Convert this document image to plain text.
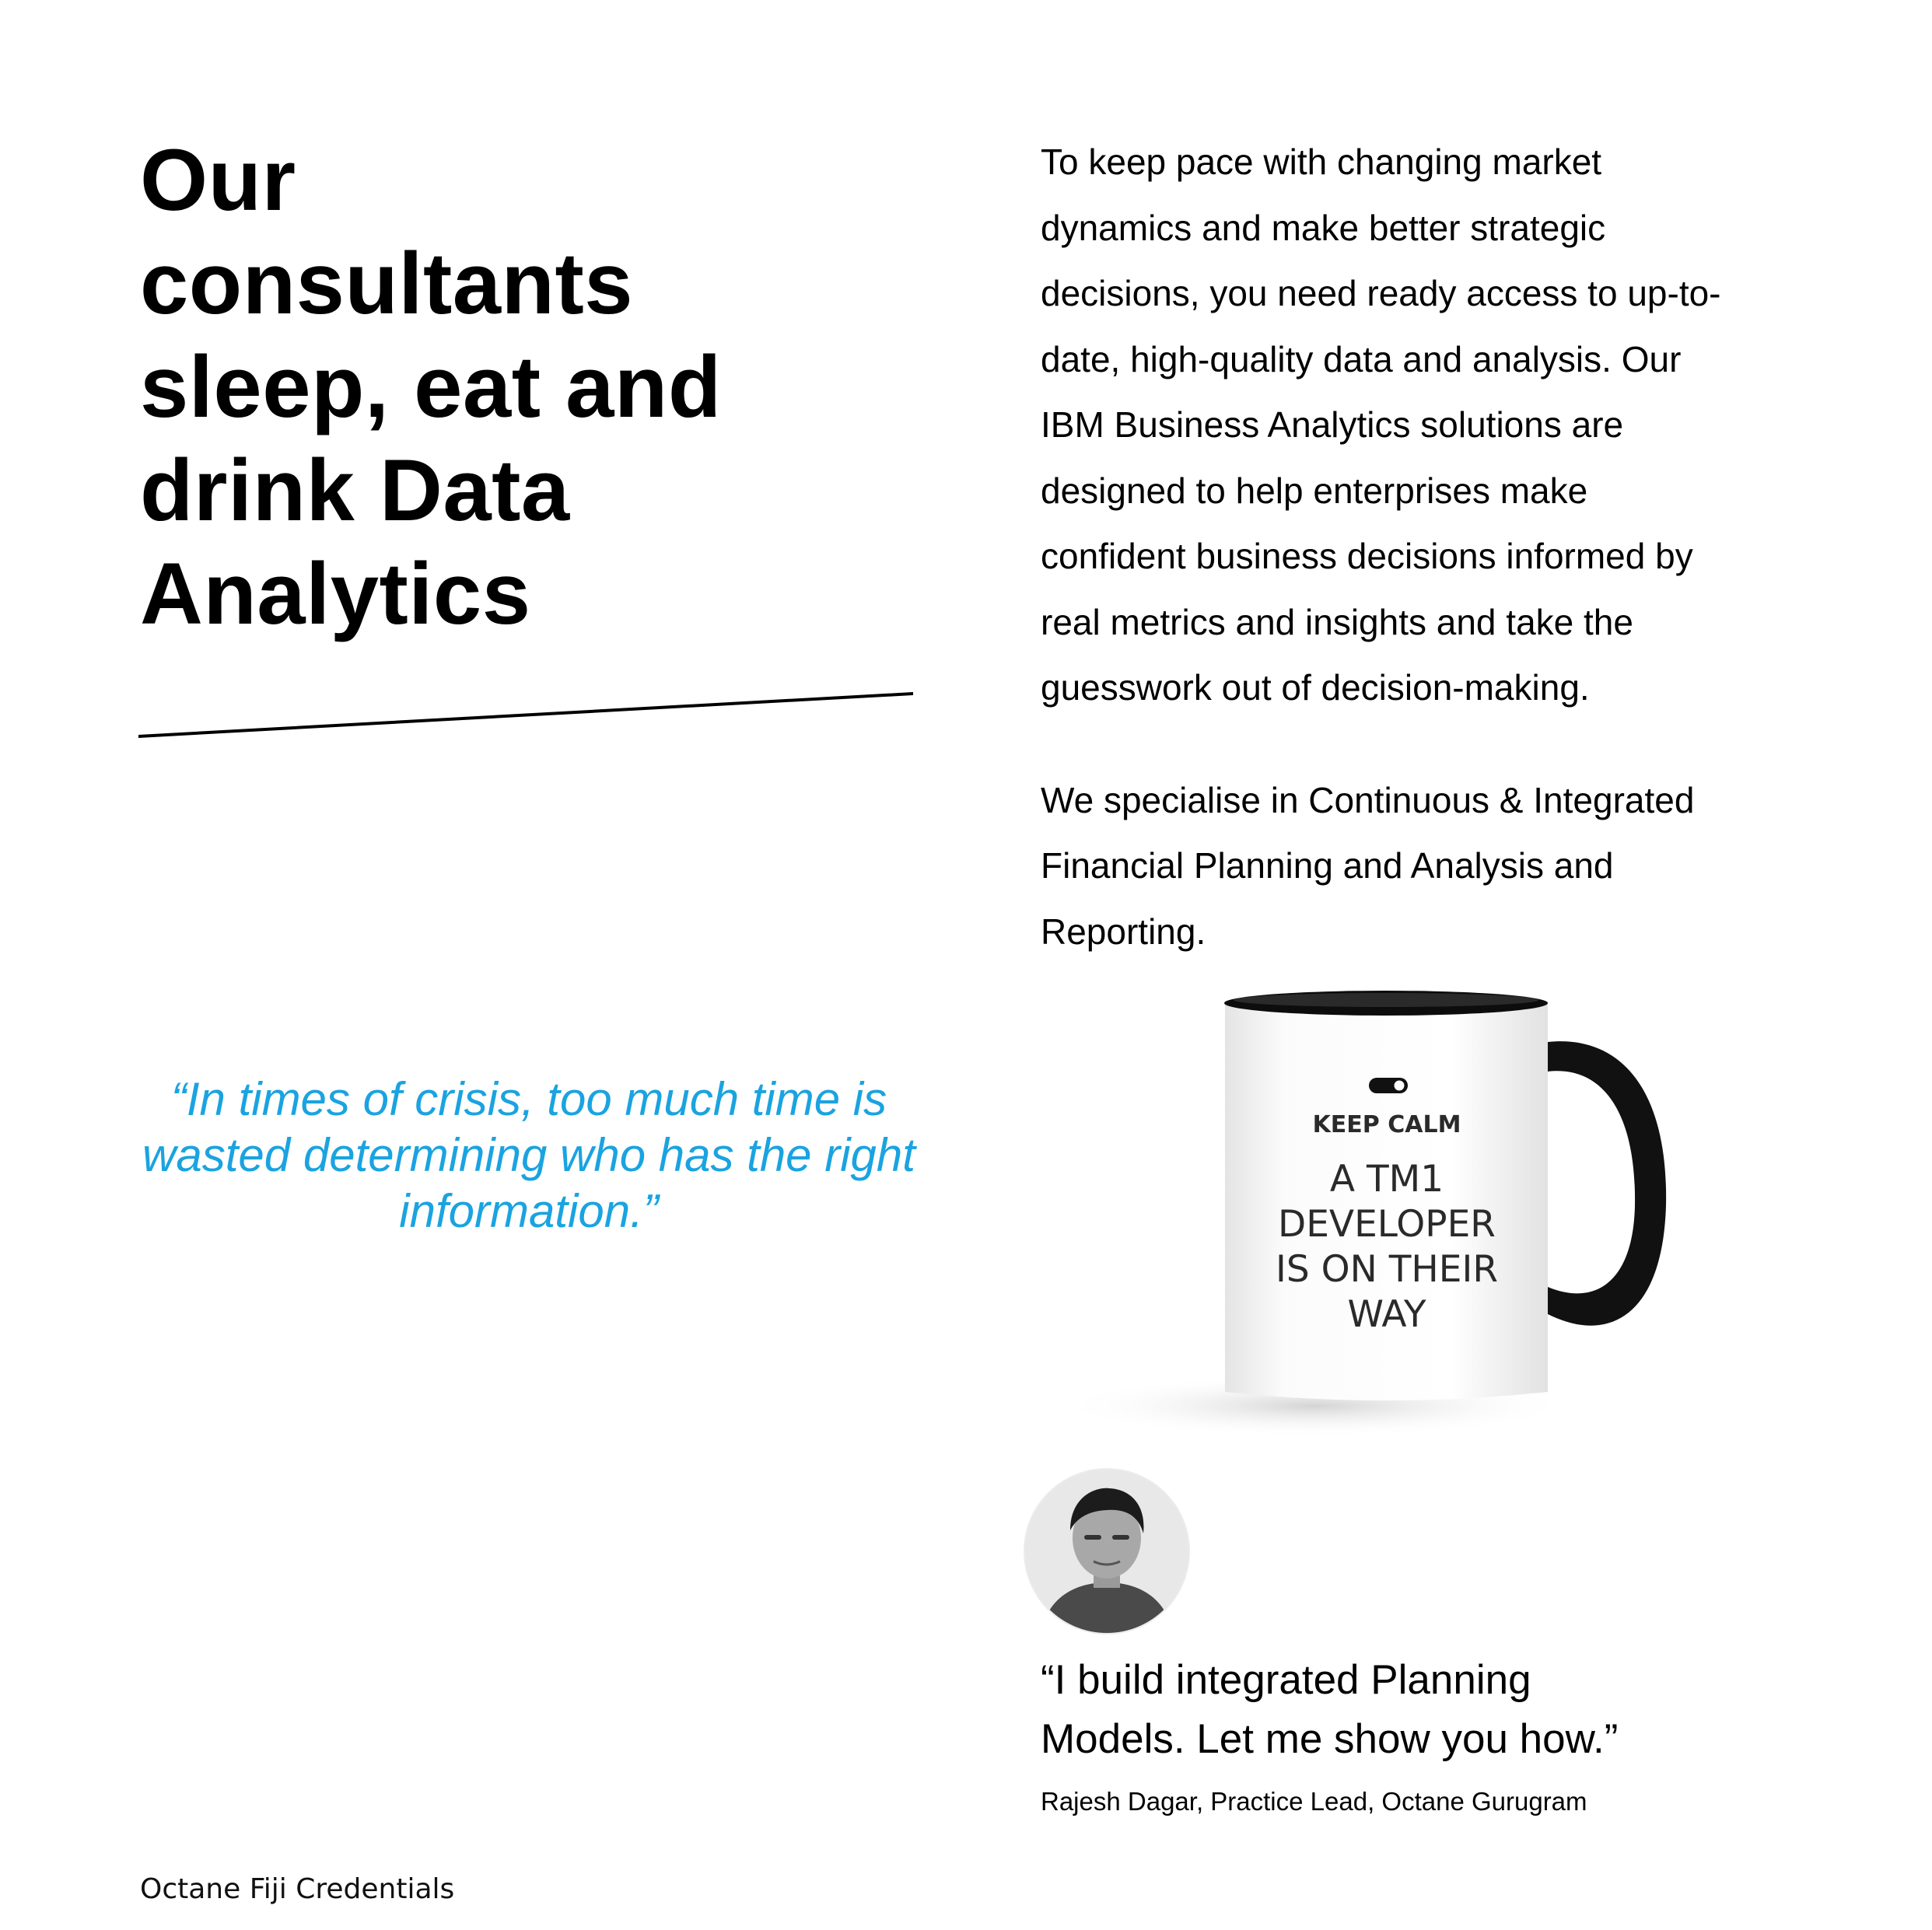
Our
consultants
sleep, eat and
drink Data
Analytics
“In times of crisis, too much time is
wasted determining who has the right
information.”

To keep pace with changing market
dynamics and make better strategic
decisions, you need ready access to up-to-
date, high-quality data and analysis. Our
IBM Business Analytics solutions are
designed to help enterprises make
confident business decisions informed by
real metrics and insights and take the
guesswork out of decision-making.

We specialise in Continuous & Integrated
Financial Planning and Analysis and
Reporting.

KEEP CALM
A TM1
DEVELOPER
IS ON THEIR
WAY
“I build integrated Planning
Models. Let me show you how.”
Rajesh Dagar, Practice Lead, Octane Gurugram
Octane Fiji Credentials
